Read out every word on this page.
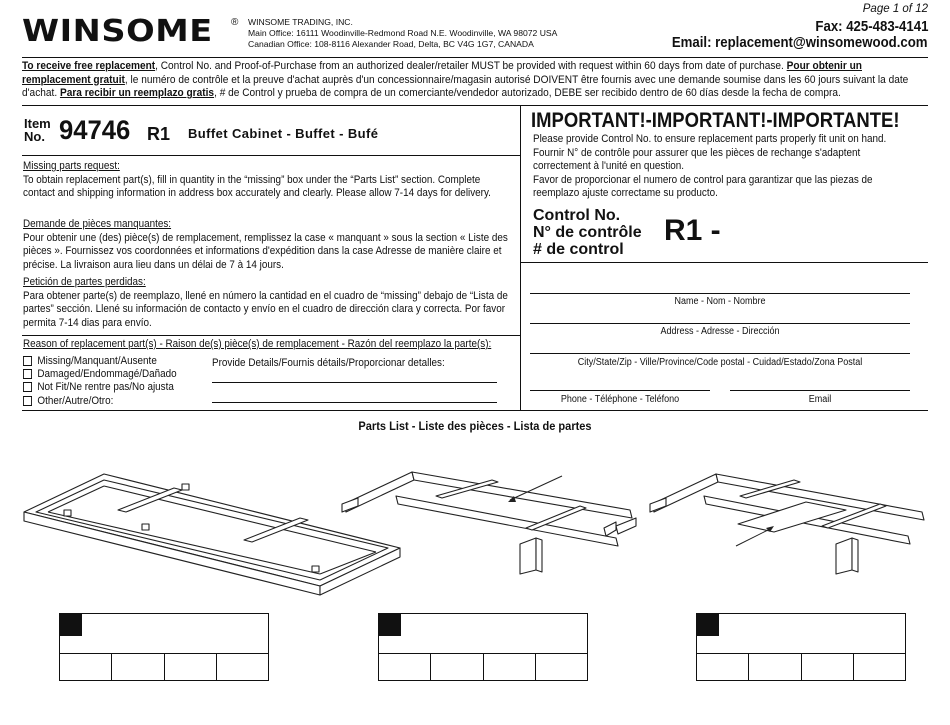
WINSOME ® WINSOME TRADING, INC.
Main Office: 16111 Woodinville-Redmond Road N.E. Woodinville, WA 98072 USA
Canadian Office: 108-8116 Alexander Road, Delta, BC V4G 1G7, CANADA
Page 1 of 12
Fax: 425-483-4141
Email: replacement@winsomewood.com
To receive free replacement, Control No. and Proof-of-Purchase from an authorized dealer/retailer MUST be provided with request within 60 days from date of purchase. Pour obtenir un remplacement gratuit, le numéro de contrôle et la preuve d'achat auprès d'un concessionnaire/magasin autorisé DOIVENT être fournis avec une demande soumise dans les 60 jours suivant la date d'achat. Para recibir un reemplazo gratis, # de Control y prueba de compra de un comerciante/vendedor autorizado, DEBE ser recibido dentro de 60 días desde la fecha de compra.
Item
No. 94746 R1 Buffet Cabinet - Buffet - Bufé
Missing parts request:
To obtain replacement part(s), fill in quantity in the “missing” box under the “Parts List” section. Complete contact and shipping information in address box accurately and clearly. Please allow 7-14 days for delivery.
Demande de pièces manquantes:
Pour obtenir une (des) pièce(s) de remplacement, remplissez la case « manquant » sous la section « Liste des pièces ». Fournissez vos coordonnées et informations d'expédition dans la case Adresse de manière claire et précise. La livraison aura lieu dans un délai de 7 à 14 jours.
Petición de partes perdidas:
Para obtener parte(s) de reemplazo, llené en número la cantidad en el cuadro de “missing” debajo de “Lista de partes” sección. Llené su información de contacto y envío en el cuadro de dirección clara y correcta. Por favor permita 7-14 dias para envío.
Reason of replacement part(s) - Raison de(s) pièce(s) de remplacement - Razón del reemplazo la parte(s):
Missing/Manquant/Ausente
Damaged/Endommagé/Dañado
Not Fit/Ne rentre pas/No ajusta
Other/Autre/Otro:
Provide Details/Fournis détails/Proporcionar detalles:
IMPORTANT!-IMPORTANT!-IMPORTANTE!
Please provide Control No. to ensure replacement parts properly fit unit on hand.
Fournir N° de contrôle pour assurer que les pièces de rechange s'adaptent correctement à l'unité en question.
Favor de proporcionar el numero de control para garantizar que las piezas de reemplazo ajuste correctame su producto.
Control No.
N° de contrôle
# de control
R1 -
Name - Nom - Nombre
Address - Adresse - Dirección
City/State/Zip - Ville/Province/Code postal - Cuidad/Estado/Zona Postal
Phone - Téléphone - Teléfono	Email
Parts List - Liste des pièces - Lista de partes
